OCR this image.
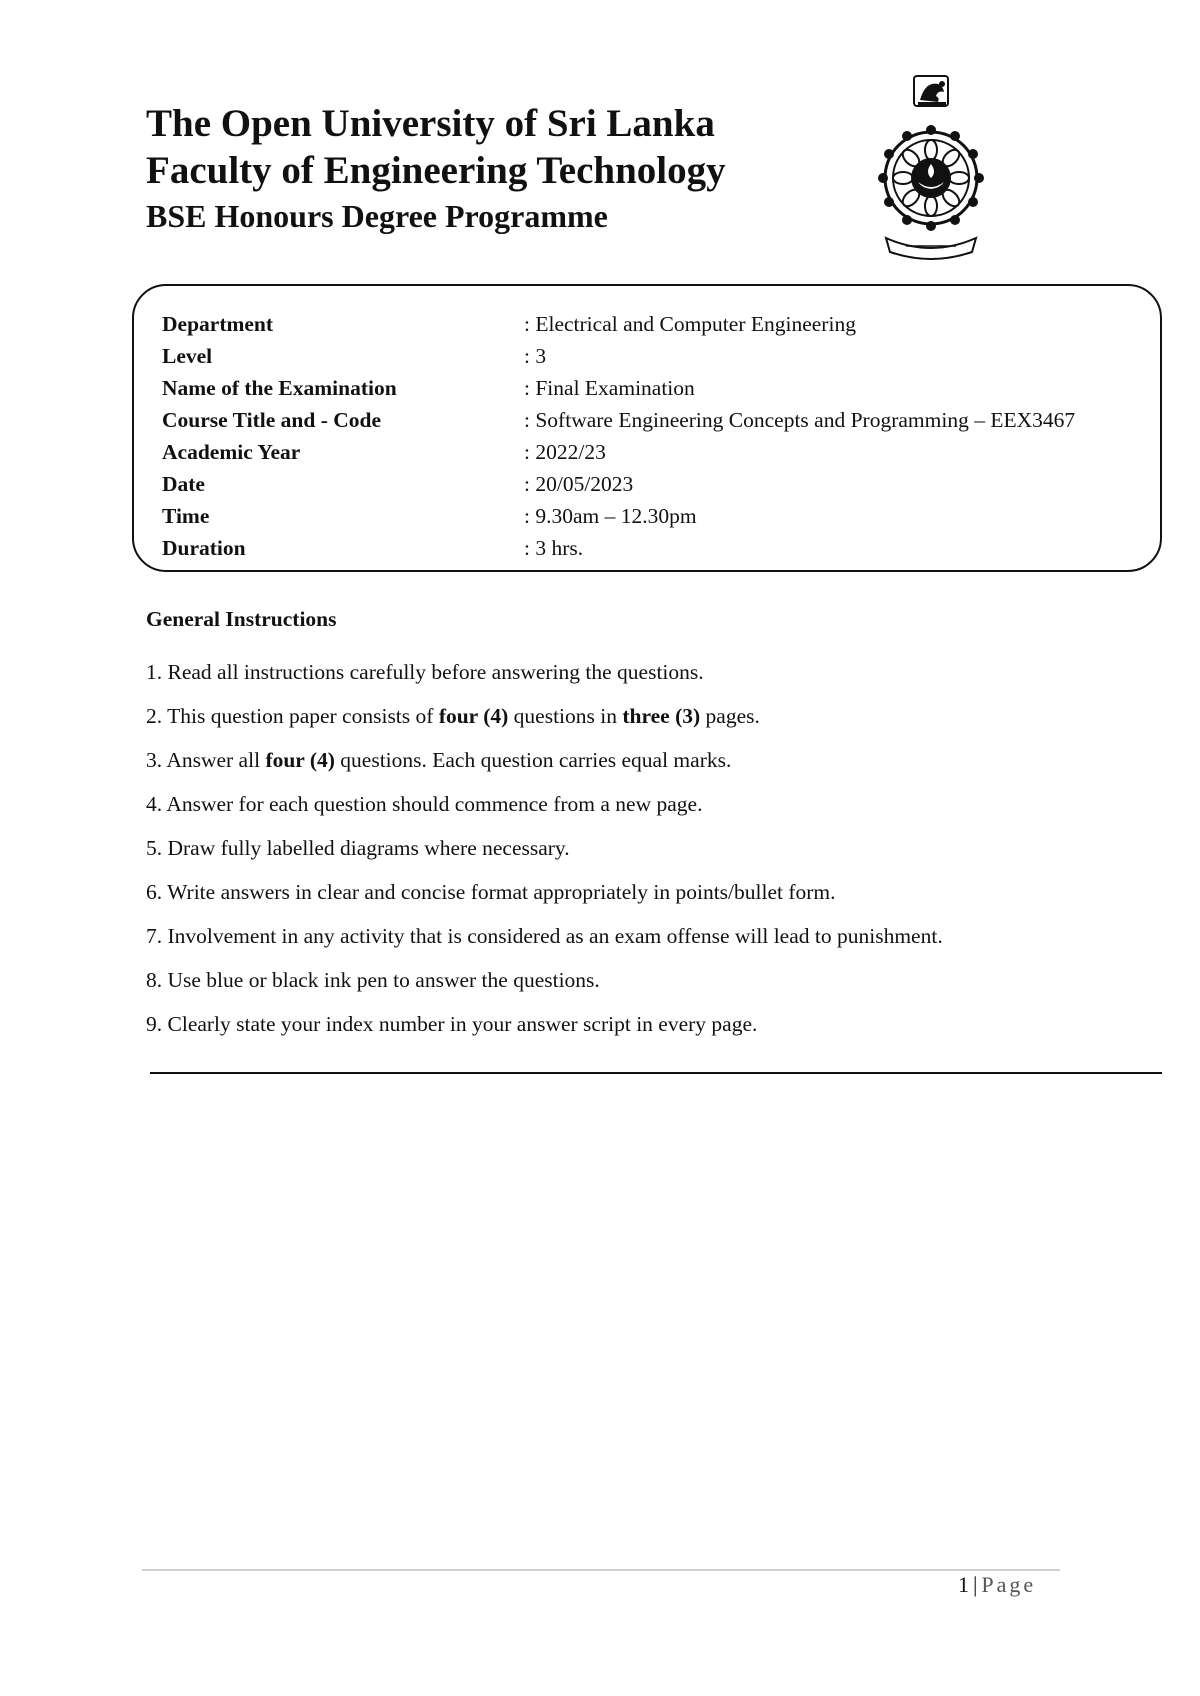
The Open University of Sri Lanka

Faculty of Engineering Technology

BSE Honours Degree Programme

Department	: Electrical and Computer Engineering
Level	: 3
Name of the Examination	: Final Examination
Course Title and - Code	: Software Engineering Concepts and Programming – EEX3467
Academic Year	: 2022/23
Date	: 20/05/2023
Time	: 9.30am – 12.30pm
Duration	: 3 hrs.
General Instructions
1. Read all instructions carefully before answering the questions.
2. This question paper consists of four (4) questions in three (3) pages.
3. Answer all four (4) questions. Each question carries equal marks.
4. Answer for each question should commence from a new page.
5. Draw fully labelled diagrams where necessary.
6. Write answers in clear and concise format appropriately in points/bullet form.
7. Involvement in any activity that is considered as an exam offense will lead to punishment.
8. Use blue or black ink pen to answer the questions.
9. Clearly state your index number in your answer script in every page.
1 | Page
